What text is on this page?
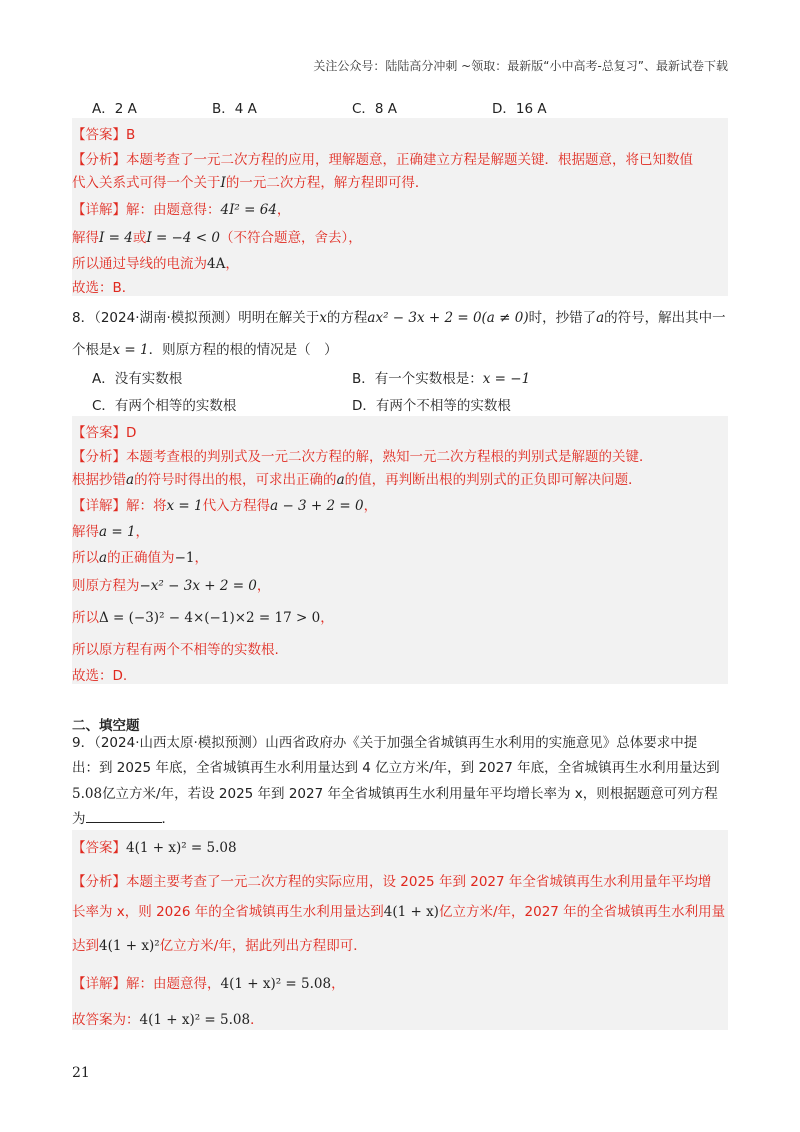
关注公众号：陆陆高分冲刺 ~领取：最新版“小中高考-总复习”、最新试卷下载
A．2 A	B．4 A	C．8 A	D．16 A
【答案】B
【分析】本题考查了一元二次方程的应用，理解题意，正确建立方程是解题关键．根据题意，将已知数值
代入关系式可得一个关于I的一元二次方程，解方程即可得．
【详解】解：由题意得：4I² = 64，
解得I = 4或I = −4 < 0（不符合题意，舍去），
所以通过导线的电流为4A，
故选：B．
8．（2024·湖南·模拟预测）明明在解关于x的方程ax² − 3x + 2 = 0(a ≠ 0)时，抄错了a的符号，解出其中一
个根是x = 1．则原方程的根的情况是（　）
A．没有实数根	B．有一个实数根是：x = −1
C．有两个相等的实数根	D．有两个不相等的实数根
【答案】D
【分析】本题考查根的判别式及一元二次方程的解，熟知一元二次方程根的判别式是解题的关键．
根据抄错a的符号时得出的根，可求出正确的a的值，再判断出根的判别式的正负即可解决问题．
【详解】解：将x = 1代入方程得a − 3 + 2 = 0，
解得a = 1，
所以a的正确值为−1，
则原方程为−x² − 3x + 2 = 0，
所以Δ = (−3)² − 4×(−1)×2 = 17 > 0，
所以原方程有两个不相等的实数根.
故选：D.
二、填空题
9．（2024·山西太原·模拟预测）山西省政府办《关于加强全省城镇再生水利用的实施意见》总体要求中提
出：到 2025 年底，全省城镇再生水利用量达到 4 亿立方米/年，到 2027 年底，全省城镇再生水利用量达到
5.08亿立方米/年，若设 2025 年到 2027 年全省城镇再生水利用量年平均增长率为 x，则根据题意可列方程
为	．
【答案】4(1 + x)² = 5.08
【分析】本题主要考查了一元二次方程的实际应用，设 2025 年到 2027 年全省城镇再生水利用量年平均增
长率为 x，则 2026 年的全省城镇再生水利用量达到4(1 + x)亿立方米/年，2027 年的全省城镇再生水利用量
达到4(1 + x)²亿立方米/年，据此列出方程即可．
【详解】解：由题意得，4(1 + x)² = 5.08，
故答案为：4(1 + x)² = 5.08．
21
